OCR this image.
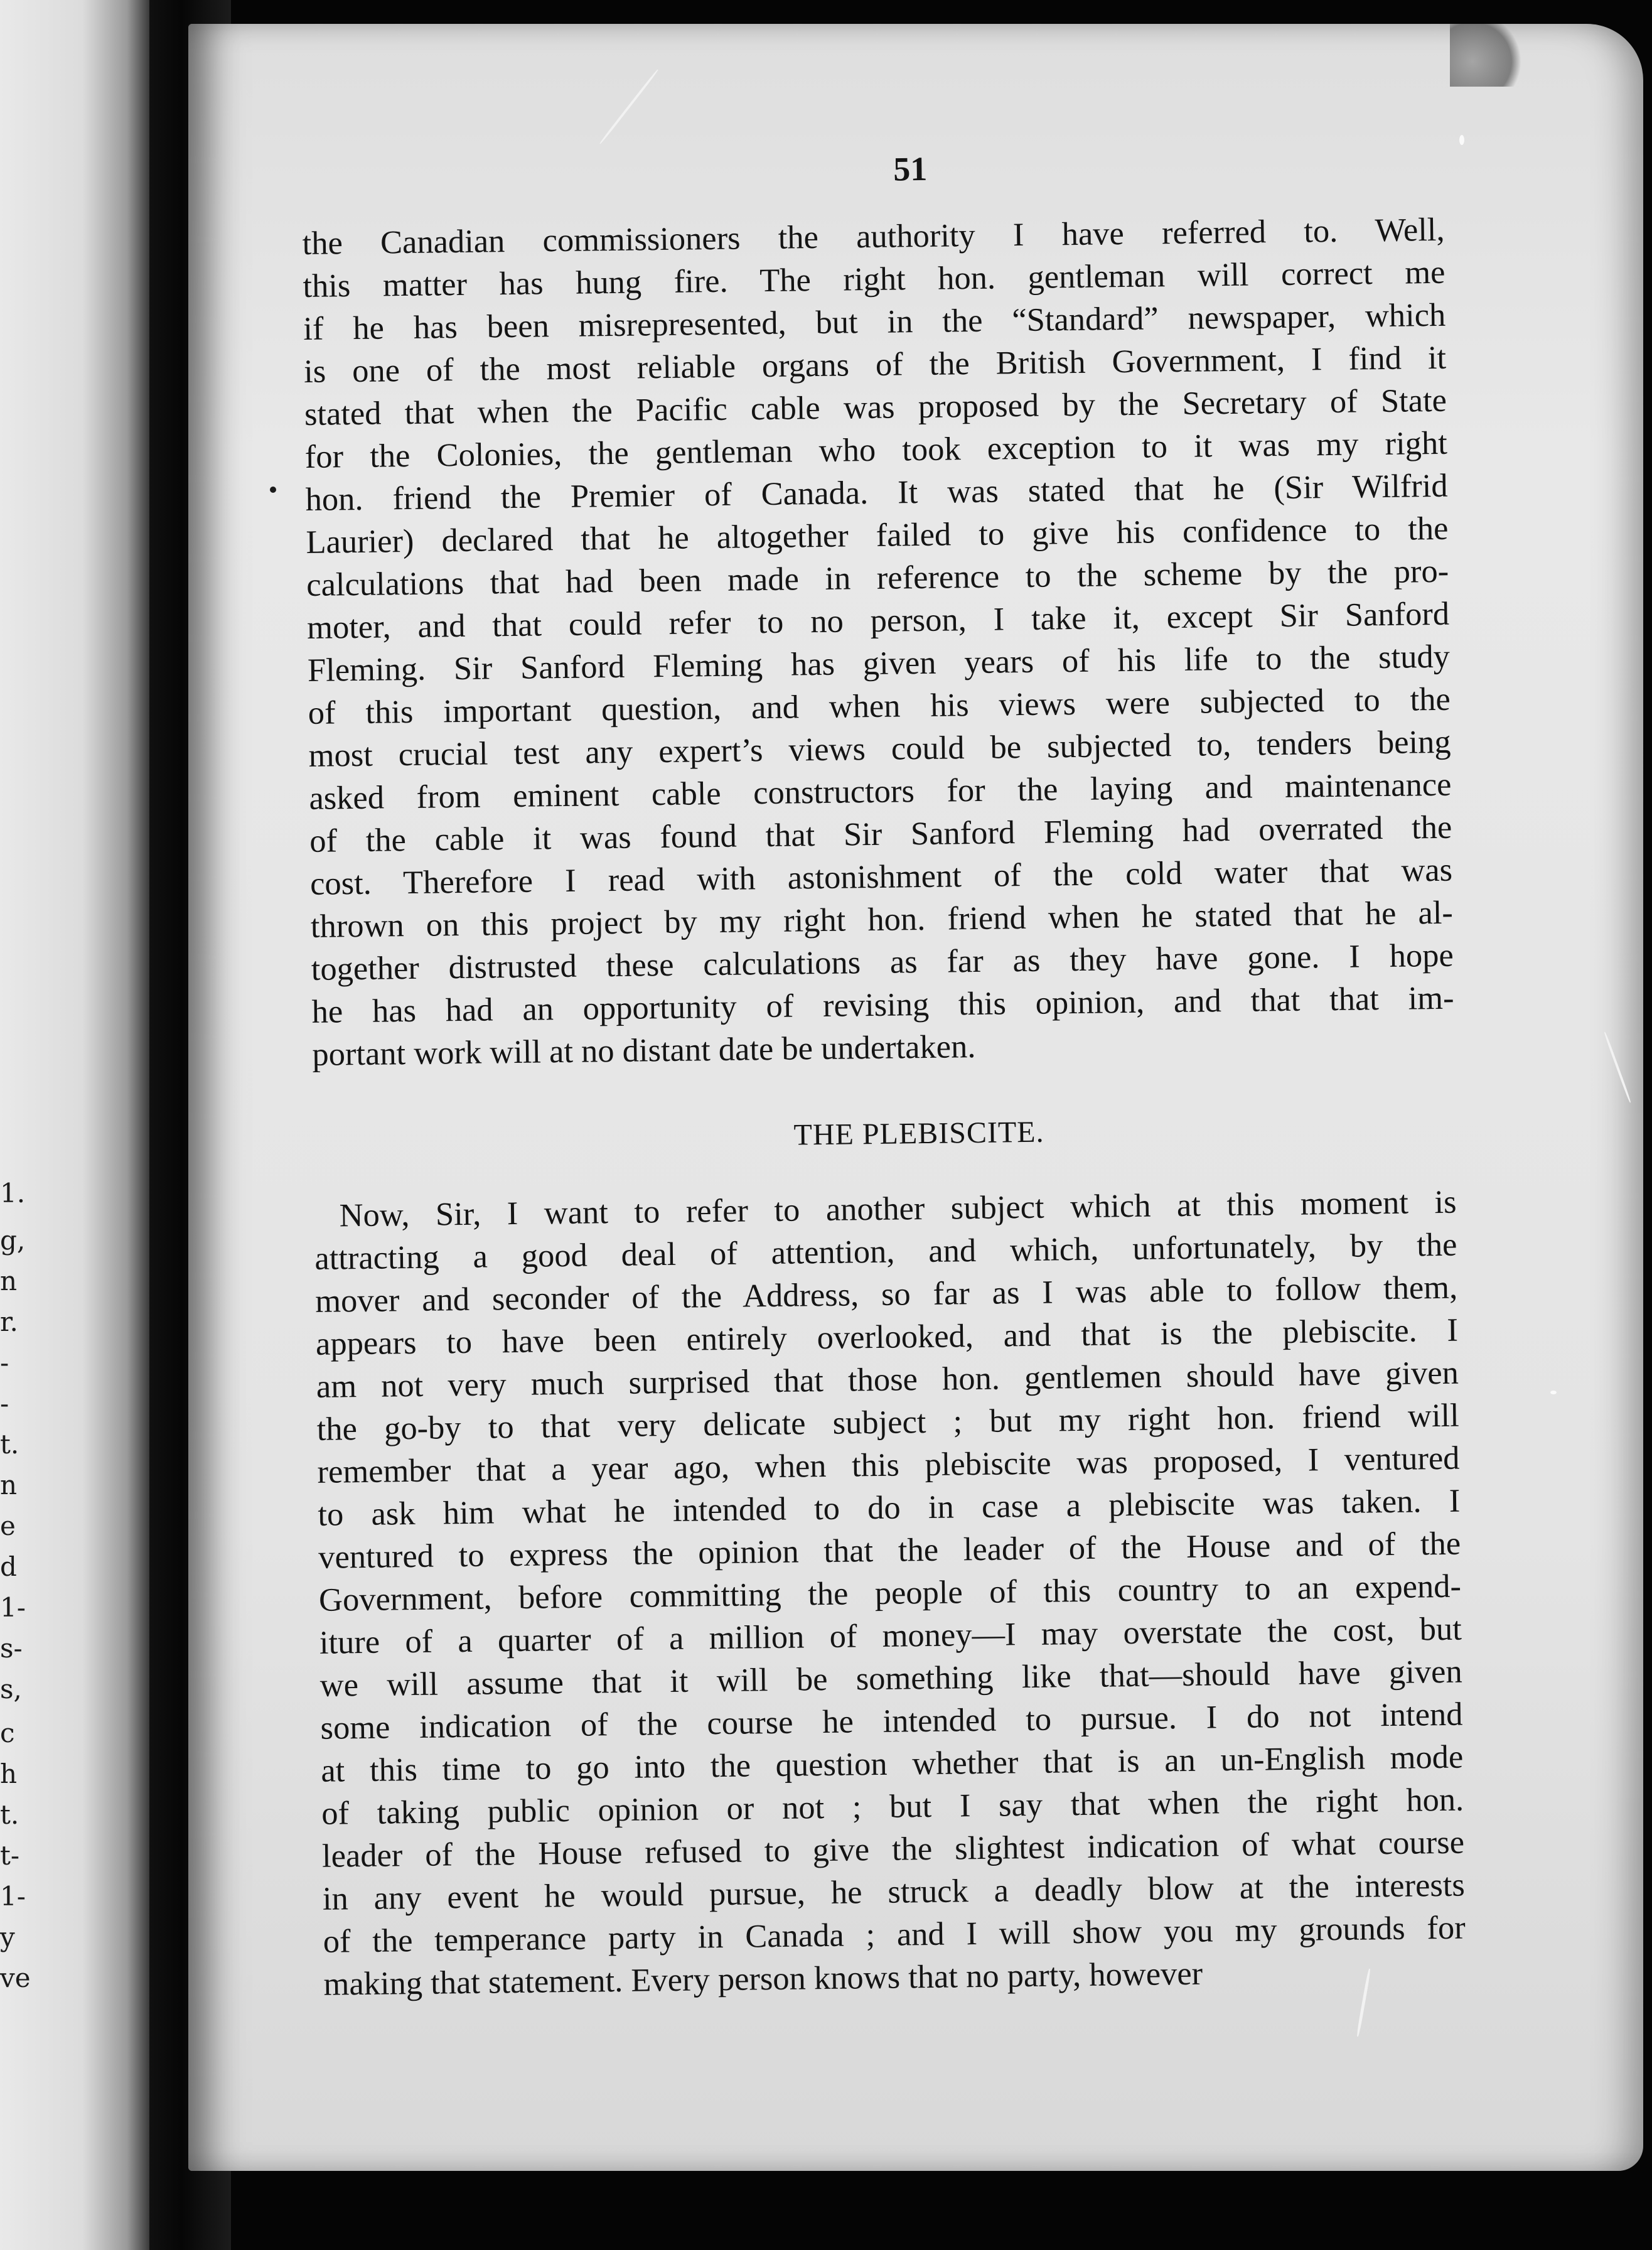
1.
g,
n
r.
-
-
t.
n
e
d
1-
s-
s,
c
h
t.
t-
1-
y
ve
51
the Canadian commissioners the authority I have referred to. Well,
this matter has hung fire. The right hon. gentleman will correct me
if he has been misrepresented, but in the “Standard” newspaper, which
is one of the most reliable organs of the British Government, I find it
stated that when the Pacific cable was proposed by the Secretary of State
for the Colonies, the gentleman who took exception to it was my right
hon. friend the Premier of Canada. It was stated that he (Sir Wilfrid
Laurier) declared that he altogether failed to give his confidence to the
calculations that had been made in reference to the scheme by the pro-
moter, and that could refer to no person, I take it, except Sir Sanford
Fleming. Sir Sanford Fleming has given years of his life to the study
of this important question, and when his views were subjected to the
most crucial test any expert’s views could be subjected to, tenders being
asked from eminent cable constructors for the laying and maintenance
of the cable it was found that Sir Sanford Fleming had overrated the
cost. Therefore I read with astonishment of the cold water that was
thrown on this project by my right hon. friend when he stated that he al-
together distrusted these calculations as far as they have gone. I hope
he has had an opportunity of revising this opinion, and that that im-
portant work will at no distant date be undertaken.
THE PLEBISCITE.
Now, Sir, I want to refer to another subject which at this moment is
attracting a good deal of attention, and which, unfortunately, by the
mover and seconder of the Address, so far as I was able to follow them,
appears to have been entirely overlooked, and that is the plebiscite. I
am not very much surprised that those hon. gentlemen should have given
the go-by to that very delicate subject ; but my right hon. friend will
remember that a year ago, when this plebiscite was proposed, I ventured
to ask him what he intended to do in case a plebiscite was taken. I
ventured to express the opinion that the leader of the House and of the
Government, before committing the people of this country to an expend-
iture of a quarter of a million of money—I may overstate the cost, but
we will assume that it will be something like that—should have given
some indication of the course he intended to pursue. I do not intend
at this time to go into the question whether that is an un-English mode
of taking public opinion or not ; but I say that when the right hon.
leader of the House refused to give the slightest indication of what course
in any event he would pursue, he struck a deadly blow at the interests
of the temperance party in Canada ; and I will show you my grounds for
making that statement. Every person knows that no party, however
